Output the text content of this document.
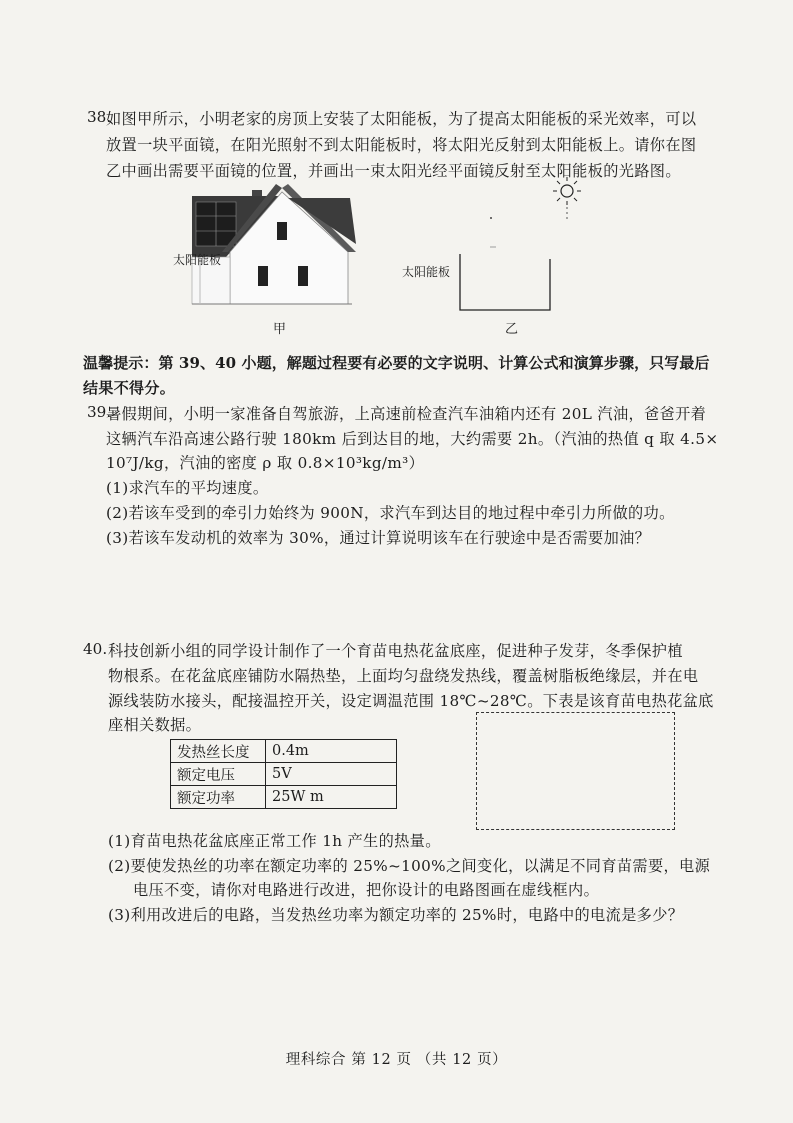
38.
如图甲所示，小明老家的房顶上安装了太阳能板，为了提高太阳能板的采光效率，可以
放置一块平面镜，在阳光照射不到太阳能板时，将太阳光反射到太阳能板上。请你在图
乙中画出需要平面镜的位置，并画出一束太阳光经平面镜反射至太阳能板的光路图。
太阳能板
甲
太阳能板
乙
温馨提示：第 39、40 小题，解题过程要有必要的文字说明、计算公式和演算步骤，只写最后
结果不得分。
39.
暑假期间，小明一家准备自驾旅游，上高速前检查汽车油箱内还有 20L 汽油，爸爸开着
这辆汽车沿高速公路行驶 180km 后到达目的地，大约需要 2h。（汽油的热值 q 取 4.5×
10⁷J/kg，汽油的密度 ρ 取 0.8×10³kg/m³）
(1)求汽车的平均速度。
(2)若该车受到的牵引力始终为 900N，求汽车到达目的地过程中牵引力所做的功。
(3)若该车发动机的效率为 30%，通过计算说明该车在行驶途中是否需要加油？
40. 科技创新小组的同学设计制作了一个育苗电热花盆底座，促进种子发芽，冬季保护植
物根系。在花盆底座铺防水隔热垫，上面均匀盘绕发热线，覆盖树脂板绝缘层，并在电
源线装防水接头，配接温控开关，设定调温范围 18℃~28℃。下表是该育苗电热花盆底
座相关数据。
发热丝长度	0.4m
额定电压	5V
额定功率	25W m
(1)育苗电热花盆底座正常工作 1h 产生的热量。
(2)要使发热丝的功率在额定功率的 25%~100%之间变化，以满足不同育苗需要，电源
电压不变，请你对电路进行改进，把你设计的电路图画在虚线框内。
(3)利用改进后的电路，当发热丝功率为额定功率的 25%时，电路中的电流是多少？
理科综合 第 12 页 （共 12 页）
